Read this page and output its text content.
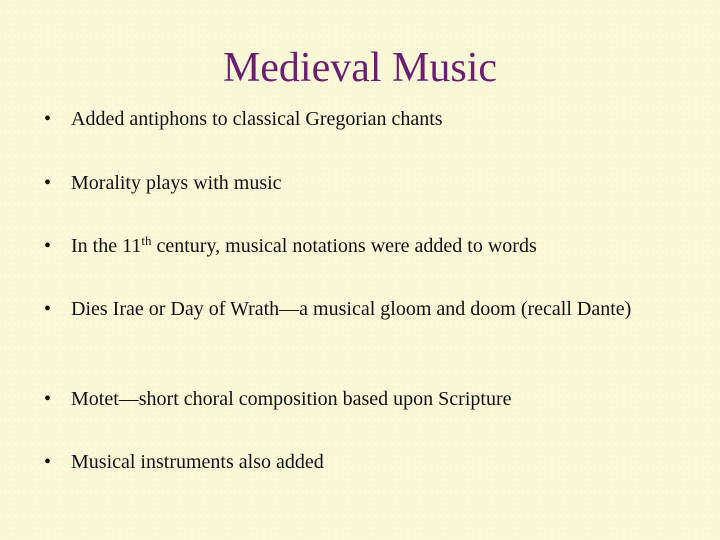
Medieval Music
• Added antiphons to classical Gregorian chants
• Morality plays with music
• In the 11th century, musical notations were added to words
• Dies Irae or Day of Wrath—a musical gloom and doom (recall Dante)
• Motet—short choral composition based upon Scripture
• Musical instruments also added
